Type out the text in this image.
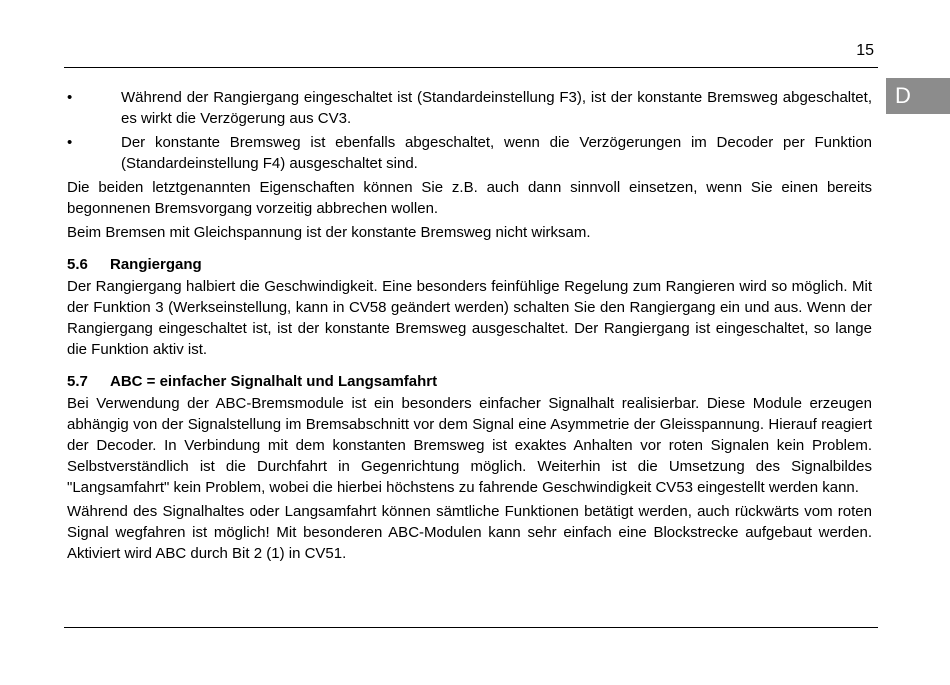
15
D
•	Während der Rangiergang eingeschaltet ist (Standardeinstellung F3), ist der konstante Bremsweg abgeschaltet, es wirkt die Verzögerung aus CV3.
•	Der konstante Bremsweg ist ebenfalls abgeschaltet, wenn die Verzögerungen im Decoder per Funktion (Standardeinstellung F4) ausgeschaltet sind.

Die beiden letztgenannten Eigenschaften können Sie z.B. auch dann sinnvoll einsetzen, wenn Sie einen bereits begonnenen Bremsvorgang vorzeitig abbrechen wollen.

Beim Bremsen mit Gleichspannung ist der konstante Bremsweg nicht wirksam.

5.6	Rangiergang

Der Rangiergang halbiert die Geschwindigkeit. Eine besonders feinfühlige Regelung zum Rangieren wird so möglich. Mit der Funktion 3 (Werkseinstellung, kann in CV58 geändert werden) schalten Sie den Rangiergang ein und aus. Wenn der Rangiergang eingeschaltet ist, ist der konstante Bremsweg ausgeschaltet. Der Rangiergang ist eingeschaltet, so lange die Funktion aktiv ist.

5.7	ABC = einfacher Signalhalt und Langsamfahrt

Bei Verwendung der ABC-Bremsmodule ist ein besonders einfacher Signalhalt realisierbar. Diese Module erzeugen abhängig von der Signalstellung im Bremsabschnitt vor dem Signal eine Asymmetrie der Gleisspannung. Hierauf reagiert der Decoder. In Verbindung mit dem konstanten Bremsweg ist exaktes Anhalten vor roten Signalen kein Problem. Selbstverständlich ist die Durchfahrt in Gegenrichtung möglich. Weiterhin ist die Umsetzung des Signalbildes "Langsamfahrt" kein Problem, wobei die hierbei höchstens zu fahrende Geschwindigkeit CV53 eingestellt werden kann.

Während des Signalhaltes oder Langsamfahrt können sämtliche Funktionen betätigt werden, auch rückwärts vom roten Signal wegfahren ist möglich! Mit besonderen ABC-Modulen kann sehr einfach eine Blockstrecke aufgebaut werden. Aktiviert wird ABC durch Bit 2 (1) in CV51.
